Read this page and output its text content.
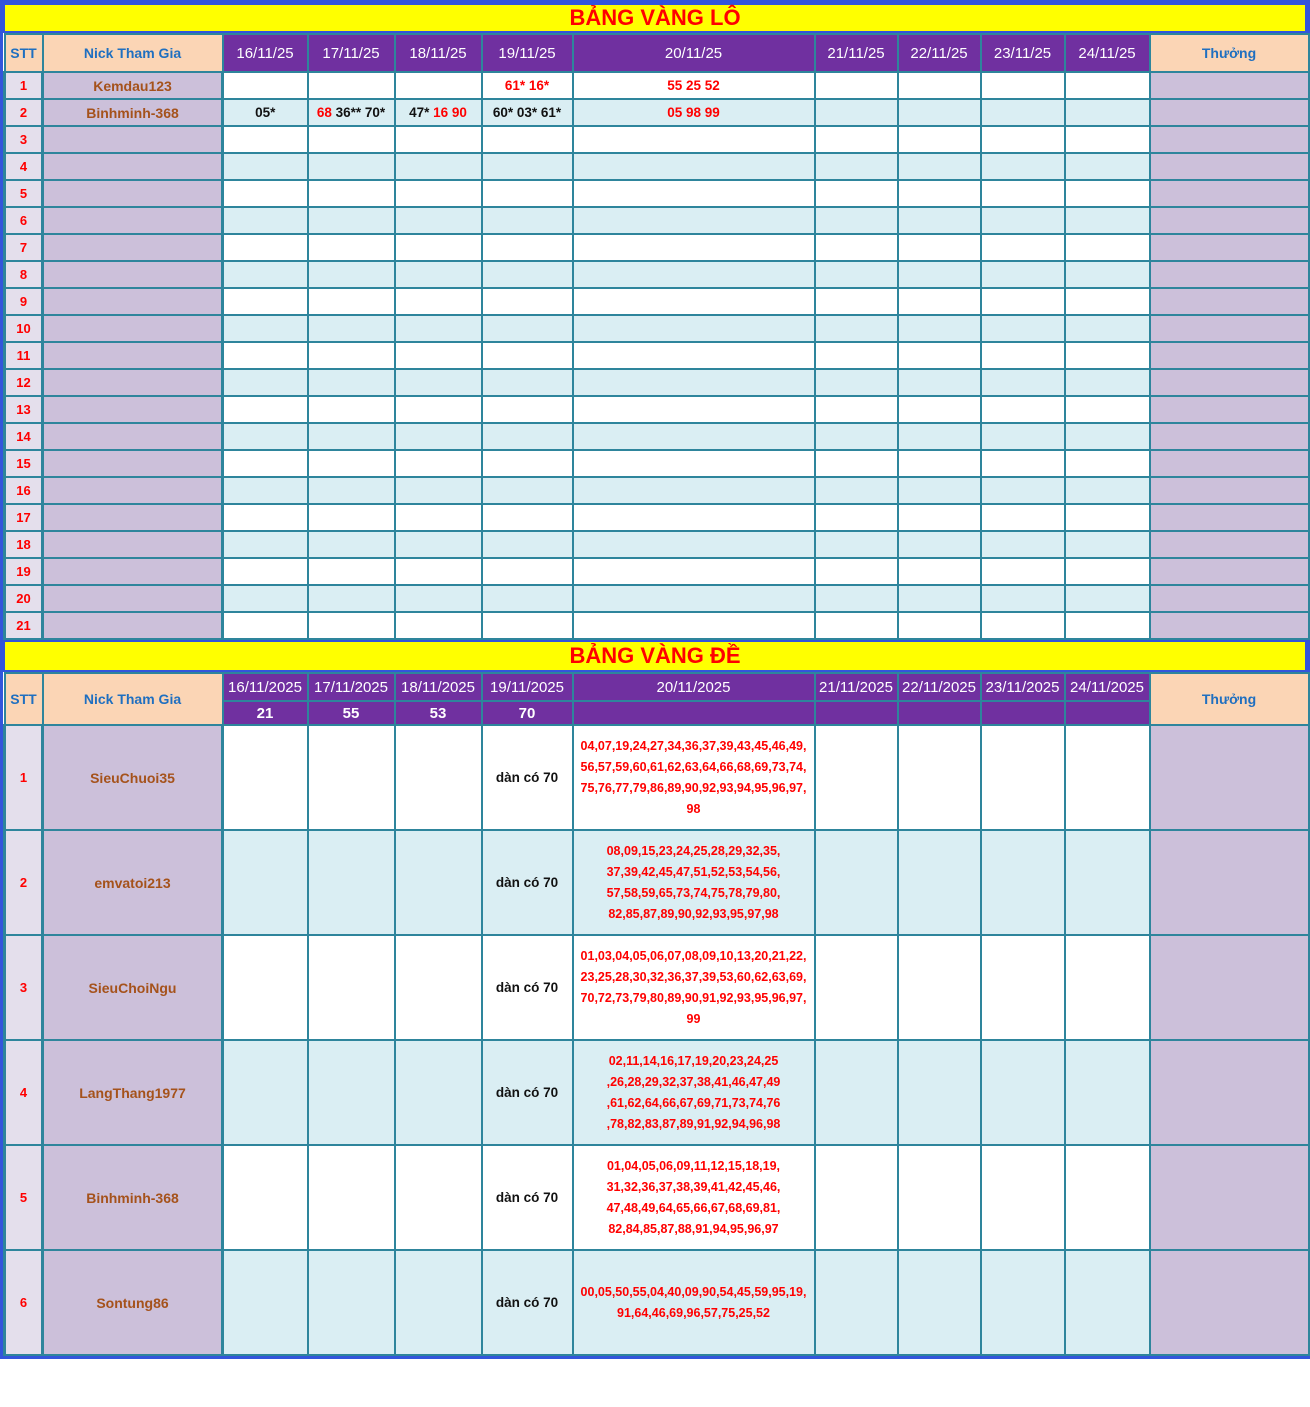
BẢNG VÀNG LÔ
STT	Nick Tham Gia	16/11/25	17/11/25	18/11/25	19/11/25	20/11/25	21/11/25	22/11/25	23/11/25	24/11/25	Thưởng
1	Kemdau123				61* 16*	55 25 52					
2	Binhminh-368	05*	68 36** 70*	47* 16 90	60* 03* 61*	05 98 99					
3											
4											
5											
6											
7											
8											
9											
10											
11											
12											
13											
14											
15											
16											
17											
18											
19											
20											
21											
BẢNG VÀNG ĐỀ
STT	Nick Tham Gia	16/11/2025	17/11/2025	18/11/2025	19/11/2025	20/11/2025	21/11/2025	22/11/2025	23/11/2025	24/11/2025	Thưởng
		21	55	53	70						
1	SieuChuoi35				dàn có 70	04,07,19,24,27,34,36,37,39,43,45,46,49,
56,57,59,60,61,62,63,64,66,68,69,73,74,
75,76,77,79,86,89,90,92,93,94,95,96,97,
98					

2	emvatoi213				dàn có 70	08,09,15,23,24,25,28,29,32,35,
37,39,42,45,47,51,52,53,54,56,
57,58,59,65,73,74,75,78,79,80,
82,85,87,89,90,92,93,95,97,98					

3	SieuChoiNgu				dàn có 70	01,03,04,05,06,07,08,09,10,13,20,21,22,
23,25,28,30,32,36,37,39,53,60,62,63,69,
70,72,73,79,80,89,90,91,92,93,95,96,97,
99					

4	LangThang1977				dàn có 70	02,11,14,16,17,19,20,23,24,25
,26,28,29,32,37,38,41,46,47,49
,61,62,64,66,67,69,71,73,74,76
,78,82,83,87,89,91,92,94,96,98					

5	Binhminh-368				dàn có 70	01,04,05,06,09,11,12,15,18,19,
31,32,36,37,38,39,41,42,45,46,
47,48,49,64,65,66,67,68,69,81,
82,84,85,87,88,91,94,95,96,97					

6	Sontung86				dàn có 70	00,05,50,55,04,40,09,90,54,45,59,95,19,
91,64,46,69,96,57,75,25,52					
